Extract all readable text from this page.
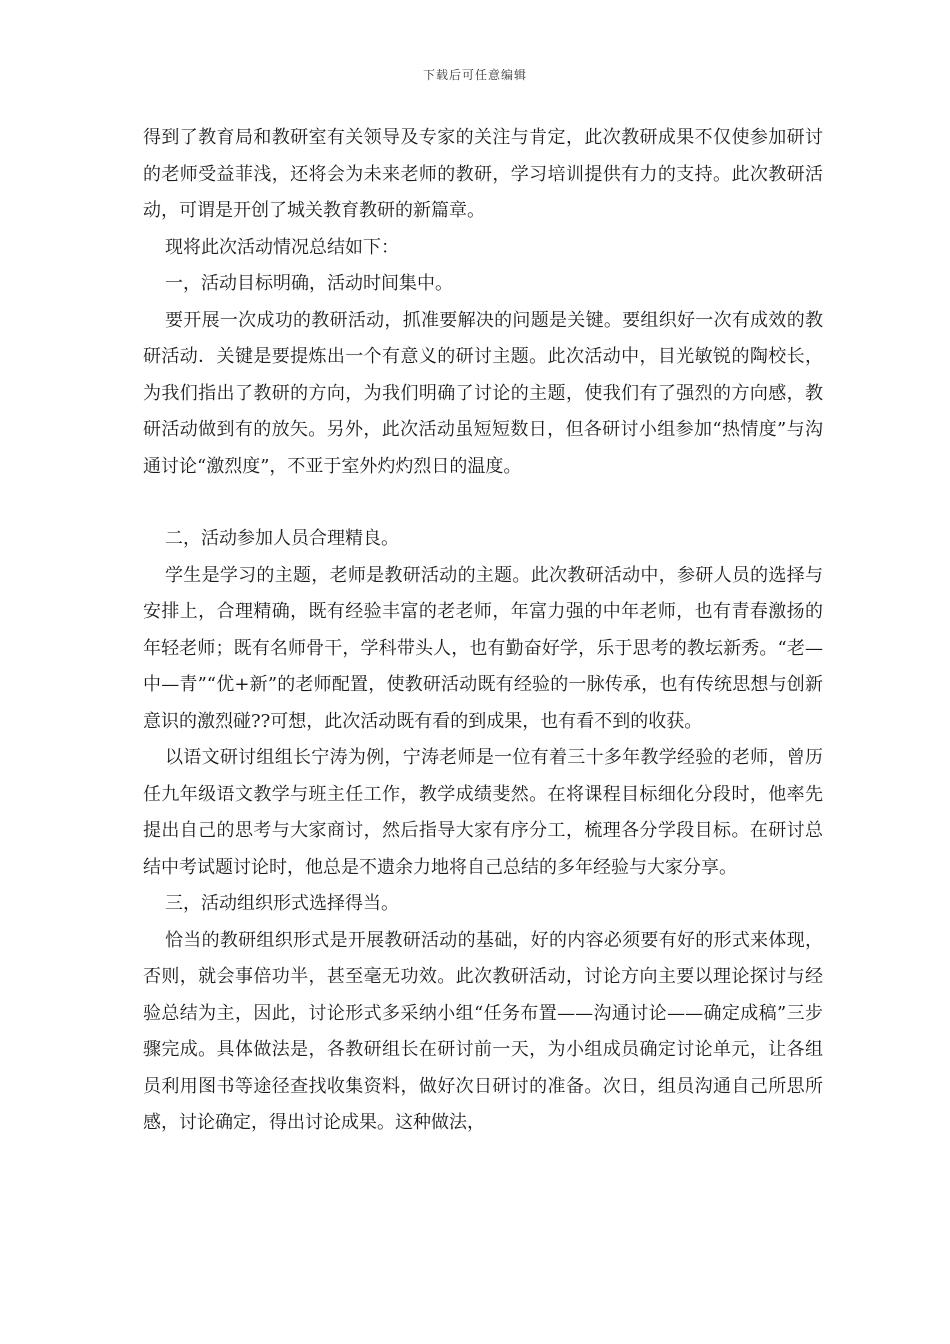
下载后可任意编辑

得到了教育局和教研室有关领导及专家的关注与肯定，此次教研成果不仅使参加研讨的老师受益菲浅，还将会为未来老师的教研，学习培训提供有力的支持。此次教研活动，可谓是开创了城关教育教研的新篇章。

现将此次活动情况总结如下：

一，活动目标明确，活动时间集中。

要开展一次成功的教研活动，抓准要解决的问题是关键。要组织好一次有成效的教研活动．关键是要提炼出一个有意义的研讨主题。此次活动中，目光敏锐的陶校长，为我们指出了教研的方向，为我们明确了讨论的主题，使我们有了强烈的方向感，教研活动做到有的放矢。另外，此次活动虽短短数日，但各研讨小组参加“热情度”与沟通讨论“激烈度”，不亚于室外灼灼烈日的温度。

二，活动参加人员合理精良。

学生是学习的主题，老师是教研活动的主题。此次教研活动中，参研人员的选择与安排上，合理精确，既有经验丰富的老老师，年富力强的中年老师，也有青春激扬的年轻老师；既有名师骨干，学科带头人，也有勤奋好学，乐于思考的教坛新秀。“老—中—青”“优+新”的老师配置，使教研活动既有经验的一脉传承，也有传统思想与创新意识的激烈碰??可想，此次活动既有看的到成果，也有看不到的收获。

以语文研讨组组长宁涛为例，宁涛老师是一位有着三十多年教学经验的老师，曾历任九年级语文教学与班主任工作，教学成绩斐然。在将课程目标细化分段时，他率先提出自己的思考与大家商讨，然后指导大家有序分工，梳理各分学段目标。在研讨总结中考试题讨论时，他总是不遗余力地将自己总结的多年经验与大家分享。

三，活动组织形式选择得当。

恰当的教研组织形式是开展教研活动的基础，好的内容必须要有好的形式来体现，否则，就会事倍功半，甚至毫无功效。此次教研活动，讨论方向主要以理论探讨与经验总结为主，因此，讨论形式多采纳小组“任务布置——沟通讨论——确定成稿”三步骤完成。具体做法是，各教研组长在研讨前一天，为小组成员确定讨论单元，让各组员利用图书等途径查找收集资料，做好次日研讨的准备。次日，组员沟通自己所思所感，讨论确定，得出讨论成果。这种做法，
